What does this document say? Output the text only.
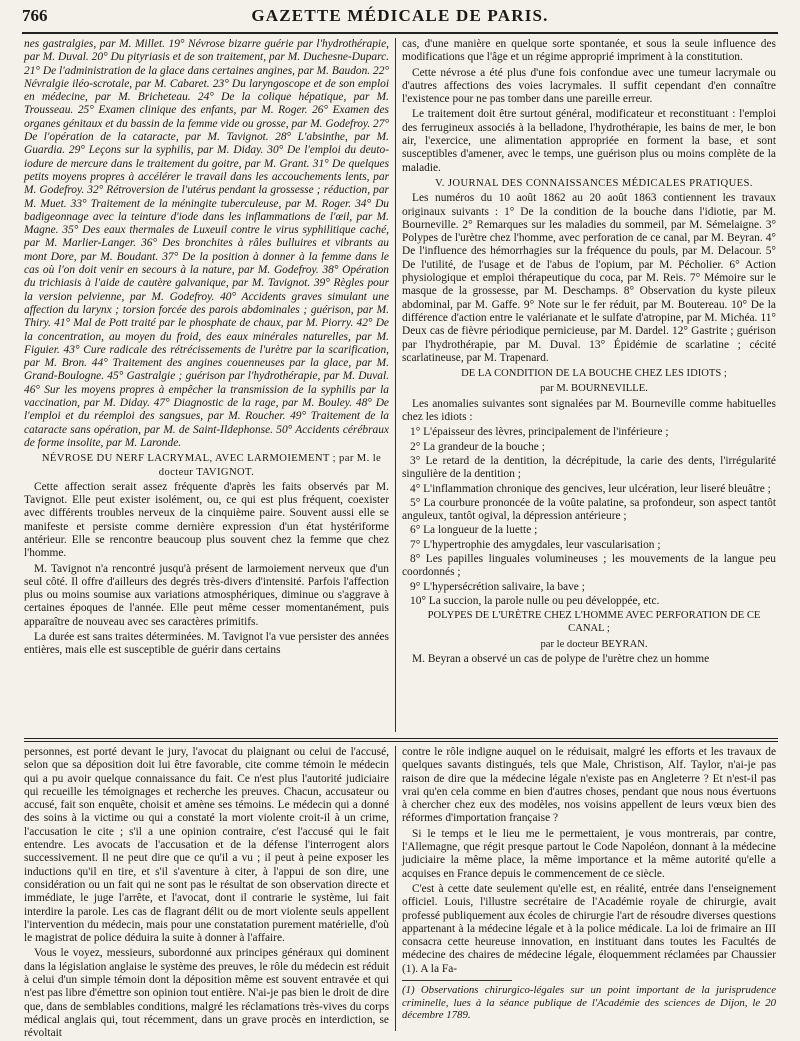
766	GAZETTE MÉDICALE DE PARIS.

nes gastralgies, par M. Millet. 19° Névrose bizarre guérie par l'hydrothérapie, par M. Duval. 20° Du pityriasis et de son traitement, par M. Duchesne-Duparc. 21° De l'administration de la glace dans certaines angines, par M. Baudon. 22° Névralgie iléo-scrotale, par M. Cabaret. 23° Du laryngoscope et de son emploi en médecine, par M. Bricheteau. 24° De la colique hépatique, par M. Trousseau. 25° Examen clinique des enfants, par M. Roger. 26° Examen des organes génitaux et du bassin de la femme vide ou grosse, par M. Godefroy. 27° De l'opération de la cataracte, par M. Tavignot. 28° L'absinthe, par M. Guardia. 29° Leçons sur la syphilis, par M. Diday. 30° De l'emploi du deuto-iodure de mercure dans le traitement du goitre, par M. Grant. 31° De quelques petits moyens propres à accélérer le travail dans les accouchements lents, par M. Godefroy. 32° Rétroversion de l'utérus pendant la grossesse ; réduction, par M. Muet. 33° Traitement de la méningite tuberculeuse, par M. Roger. 34° Du badigeonnage avec la teinture d'iode dans les inflammations de l'œil, par M. Magne. 35° Des eaux thermales de Luxeuil contre le virus syphilitique caché, par M. Marlier-Langer. 36° Des bronchites à râles bulluires et vibrants au mont Dore, par M. Boudant. 37° De la position à donner à la femme dans le cas où l'on doit venir en secours à la nature, par M. Godefroy. 38° Opération du trichiasis à l'aide de cautère galvanique, par M. Tavignot. 39° Règles pour la version pelvienne, par M. Godefroy. 40° Accidents graves simulant une affection du larynx ; torsion forcée des parois abdominales ; guérison, par M. Thiry. 41° Mal de Pott traité par le phosphate de chaux, par M. Piorry. 42° De la concentration, au moyen du froid, des eaux minérales naturelles, par M. Figuier. 43° Cure radicale des rétrécissements de l'urètre par la scarification, par M. Bron. 44° Traitement des angines couenneuses par la glace, par M. Grand-Boulogne. 45° Gastralgie ; guérison par l'hydrothérapie, par M. Duval. 46° Sur les moyens propres à empêcher la transmission de la syphilis par la vaccination, par M. Diday. 47° Diagnostic de la rage, par M. Bouley. 48° De l'emploi et du réemploi des sangsues, par M. Roucher. 49° Traitement de la cataracte sans opération, par M. de Saint-Ildephonse. 50° Accidents cérébraux de forme insolite, par M. Laronde.

NÉVROSE DU NERF LACRYMAL, AVEC LARMOIEMENT ; par M. le docteur TAVIGNOT.

Cette affection serait assez fréquente d'après les faits observés par M. Tavignot. Elle peut exister isolément, ou, ce qui est plus fréquent, coexister avec différents troubles nerveux de la cinquième paire. Souvent aussi elle se manifeste et persiste comme dernière expression d'un état hystériforme antérieur. Elle se rencontre beaucoup plus souvent chez la femme que chez l'homme.

M. Tavignot n'a rencontré jusqu'à présent de larmoiement nerveux que d'un seul côté. Il offre d'ailleurs des degrés très-divers d'intensité. Parfois l'affection plus ou moins soumise aux variations atmosphériques, diminue ou s'aggrave à certaines époques de l'année. Elle peut même cesser momentanément, puis apparaître de nouveau avec ses caractères primitifs.

La durée est sans traites déterminées. M. Tavignot l'a vue persister des années entières, mais elle est susceptible de guérir dans certains

cas, d'une manière en quelque sorte spontanée, et sous la seule influence des modifications que l'âge et un régime approprié impriment à la constitution.

Cette névrose a été plus d'une fois confondue avec une tumeur lacrymale ou d'autres affections des voies lacrymales. Il suffit cependant d'en connaître l'existence pour ne pas tomber dans une pareille erreur.

Le traitement doit être surtout général, modificateur et reconstituant : l'emploi des ferrugineux associés à la belladone, l'hydrothérapie, les bains de mer, le bon air, l'exercice, une alimentation appropriée en forment la base, et sont susceptibles d'amener, avec le temps, une guérison plus ou moins complète de la maladie.

V. JOURNAL DES CONNAISSANCES MÉDICALES PRATIQUES.

Les numéros du 10 août 1862 au 20 août 1863 contiennent les travaux originaux suivants : 1° De la condition de la bouche dans l'idiotie, par M. Bourneville. 2° Remarques sur les maladies du sommeil, par M. Sémelaigne. 3° Polypes de l'urètre chez l'homme, avec perforation de ce canal, par M. Beyran. 4° De l'influence des hémorrhagies sur la fréquence du pouls, par M. Delacour. 5° De l'utilité, de l'usage et de l'abus de l'opium, par M. Pécholier. 6° Action physiologique et emploi thérapeutique du coca, par M. Reis. 7° Mémoire sur le masque de la grossesse, par M. Deschamps. 8° Observation du kyste pileux abdominal, par M. Gaffe. 9° Note sur le fer réduit, par M. Boutereau. 10° De la différence d'action entre le valérianate et le sulfate d'atropine, par M. Michéa. 11° Deux cas de fièvre périodique pernicieuse, par M. Dardel. 12° Gastrite ; guérison par l'hydrothérapie, par M. Duval. 13° Épidémie de scarlatine ; cécité scarlatineuse, par M. Trapenard.

DE LA CONDITION DE LA BOUCHE CHEZ LES IDIOTS ;

par M. BOURNEVILLE.

Les anomalies suivantes sont signalées par M. Bourneville comme habituelles chez les idiots :

1° L'épaisseur des lèvres, principalement de l'inférieure ;
2° La grandeur de la bouche ;
3° Le retard de la dentition, la décrépitude, la carie des dents, l'irrégularité singulière de la dentition ;
4° L'inflammation chronique des gencives, leur ulcération, leur liseré bleuâtre ;
5° La courbure prononcée de la voûte palatine, sa profondeur, son aspect tantôt anguleux, tantôt ogival, la dépression antérieure ;
6° La longueur de la luette ;
7° L'hypertrophie des amygdales, leur vascularisation ;
8° Les papilles linguales volumineuses ; les mouvements de la langue peu coordonnés ;
9° L'hypersécrétion salivaire, la bave ;
10° La succion, la parole nulle ou peu développée, etc.

POLYPES DE L'URÈTRE CHEZ L'HOMME AVEC PERFORATION DE CE CANAL ;

par le docteur BEYRAN.

M. Beyran a observé un cas de polype de l'urètre chez un homme

personnes, est porté devant le jury, l'avocat du plaignant ou celui de l'accusé, selon que sa déposition doit lui être favorable, cite comme témoin le médecin qui a pu avoir quelque connaissance du fait. Ce n'est plus l'autorité judiciaire qui recueille les témoignages et recherche les preuves. Chacun, accusateur ou accusé, fait son enquête, choisit et amène ses témoins. Le médecin qui a donné des soins à la victime ou qui a constaté la mort violente croit-il à un crime, l'accusation le cite ; s'il a une opinion contraire, c'est l'accusé qui le fait entendre. Les avocats de l'accusation et de la défense l'interrogent alors successivement. Il ne peut dire que ce qu'il a vu ; il peut à peine exposer les inductions qu'il en tire, et s'il s'aventure à citer, à l'appui de son dire, une considération ou un fait qui ne sont pas le résultat de son observation directe et immédiate, le juge l'arrête, et l'avocat, dont il contrarie le système, lui fait interdire la parole. Les cas de flagrant délit ou de mort violente seuls appellent l'intervention du médecin, mais pour une constatation purement matérielle, d'où le magistrat de police déduira la suite à donner à l'affaire.

Vous le voyez, messieurs, subordonné aux principes généraux qui dominent dans la législation anglaise le système des preuves, le rôle du médecin est réduit à celui d'un simple témoin dont la déposition même est souvent entravée et qui n'est pas libre d'émettre son opinion tout entière. N'ai-je pas bien le droit de dire que, dans de semblables conditions, malgré les réclamations très-vives du corps médical anglais qui, tout récemment, dans un grave procès en interdiction, se révoltait

contre le rôle indigne auquel on le réduisait, malgré les efforts et les travaux de quelques savants distingués, tels que Male, Christison, Alf. Taylor, n'ai-je pas raison de dire que la médecine légale n'existe pas en Angleterre ? Et n'est-il pas vrai qu'en cela comme en bien d'autres choses, pendant que nous nous évertuons à chercher chez eux des modèles, nos voisins appellent de leurs vœux bien des réformes d'importation française ?

Si le temps et le lieu me le permettaient, je vous montrerais, par contre, l'Allemagne, que régit presque partout le Code Napoléon, donnant à la médecine judiciaire la même place, la même importance et la même autorité qu'elle a acquises en France depuis le commencement de ce siècle.

C'est à cette date seulement qu'elle est, en réalité, entrée dans l'enseignement officiel. Louis, l'illustre secrétaire de l'Académie royale de chirurgie, avait professé publiquement aux écoles de chirurgie l'art de résoudre diverses questions appartenant à la médecine légale et à la police médicale. La loi de frimaire an III consacra cette heureuse innovation, en instituant dans toutes les Facultés de médecine des chaires de médecine légale, éloquemment réclamées par Chaussier (1). A la Fa-

(1) Observations chirurgico-légales sur un point important de la jurisprudence criminelle, lues à la séance publique de l'Académie des sciences de Dijon, le 20 décembre 1789.
